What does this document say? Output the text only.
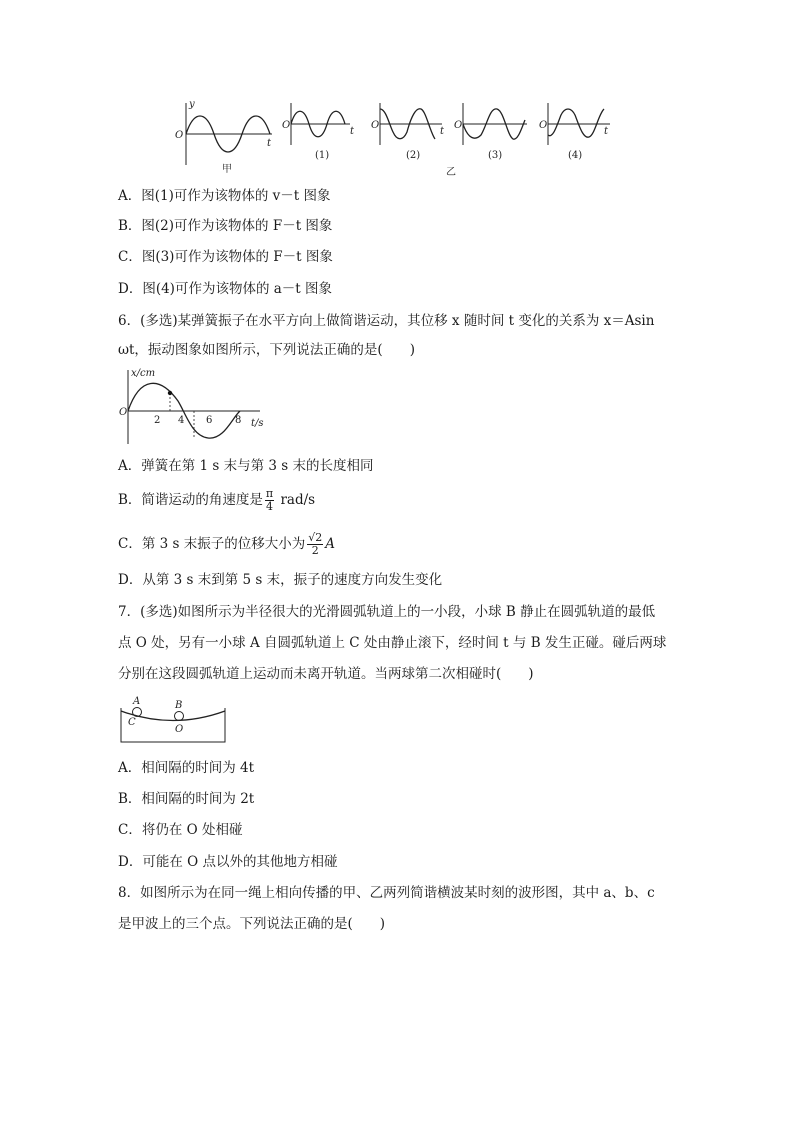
y
O
t
甲
O
t
(1)
O
t
(2)
O
(3)
O
t
(4)
乙
A．图(1)可作为该物体的 v－t 图象
B．图(2)可作为该物体的 F－t 图象
C．图(3)可作为该物体的 F－t 图象
D．图(4)可作为该物体的 a－t 图象
6．(多选)某弹簧振子在水平方向上做简谐运动，其位移 x 随时间 t 变化的关系为 x＝Asin
ωt，振动图象如图所示，下列说法正确的是(　　)
x/cm
O
2 4 6 8 t/s
A．弹簧在第 1 s 末与第 3 s 末的长度相同
B．简谐运动的角速度是 $\frac{\pi}{4} rad/s$
C．第 3 s 末振子的位移大小为 $\frac{√2}{2}$ A
D．从第 3 s 末到第 5 s 末，振子的速度方向发生变化
7．(多选)如图所示为半径很大的光滑圆弧轨道上的一小段，小球 B 静止在圆弧轨道的最低
点 O 处，另有一小球 A 自圆弧轨道上 C 处由静止滚下，经时间 t 与 B 发生正碰。碰后两球
分别在这段圆弧轨道上运动而未离开轨道。当两球第二次相碰时(　　)
A
C
B
O
A．相间隔的时间为 4t
B．相间隔的时间为 2t
C．将仍在 O 处相碰
D．可能在 O 点以外的其他地方相碰
8．如图所示为在同一绳上相向传播的甲、乙两列简谐横波某时刻的波形图，其中 a、b、c
是甲波上的三个点。下列说法正确的是(　　)
